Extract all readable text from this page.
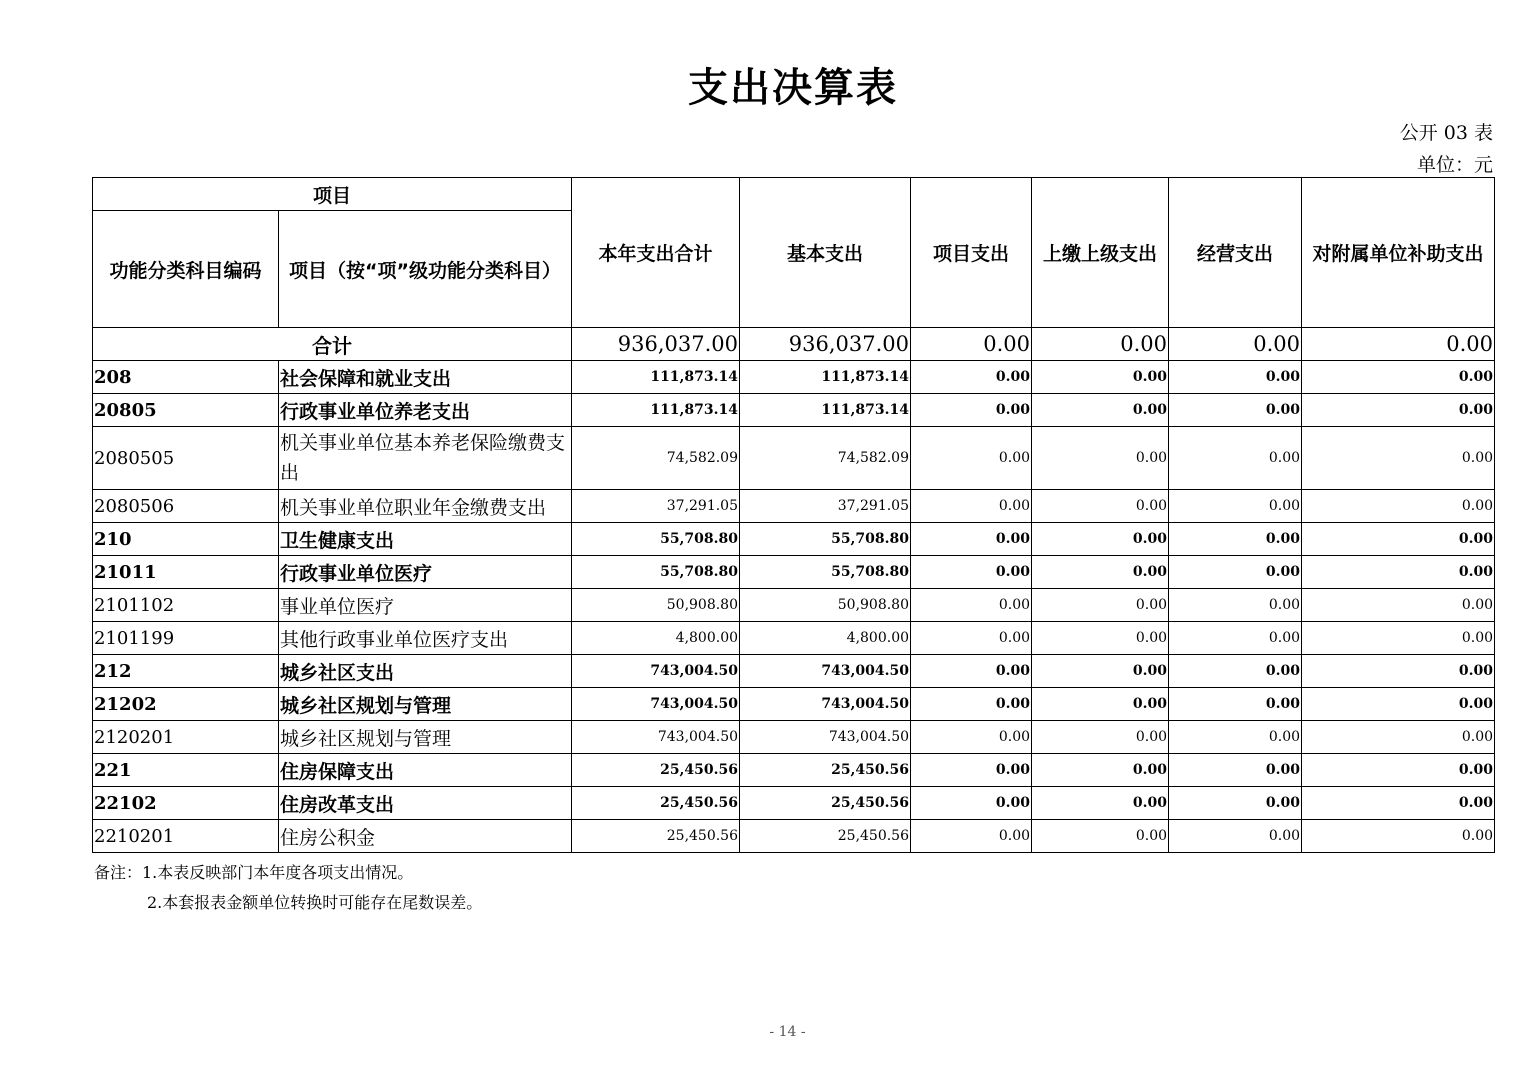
支出决算表
公开 03 表
单位：元
项目		本年支出合计	基本支出	项目支出	上缴上级支出	经营支出	对附属单位补助支出
功能分类科目编码	项目（按“项”级功能分类科目）						
合计		936,037.00	936,037.00	0.00	0.00	0.00	0.00
208	社会保障和就业支出	111,873.14	111,873.14	0.00	0.00	0.00	0.00
20805	行政事业单位养老支出	111,873.14	111,873.14	0.00	0.00	0.00	0.00
2080505	机关事业单位基本养老保险缴费支出	74,582.09	74,582.09	0.00	0.00	0.00	0.00
2080506	机关事业单位职业年金缴费支出	37,291.05	37,291.05	0.00	0.00	0.00	0.00
210	卫生健康支出	55,708.80	55,708.80	0.00	0.00	0.00	0.00
21011	行政事业单位医疗	55,708.80	55,708.80	0.00	0.00	0.00	0.00
2101102	事业单位医疗	50,908.80	50,908.80	0.00	0.00	0.00	0.00
2101199	其他行政事业单位医疗支出	4,800.00	4,800.00	0.00	0.00	0.00	0.00
212	城乡社区支出	743,004.50	743,004.50	0.00	0.00	0.00	0.00
21202	城乡社区规划与管理	743,004.50	743,004.50	0.00	0.00	0.00	0.00
2120201	城乡社区规划与管理	743,004.50	743,004.50	0.00	0.00	0.00	0.00
221	住房保障支出	25,450.56	25,450.56	0.00	0.00	0.00	0.00
22102	住房改革支出	25,450.56	25,450.56	0.00	0.00	0.00	0.00
2210201	住房公积金	25,450.56	25,450.56	0.00	0.00	0.00	0.00
备注：1.本表反映部门本年度各项支出情况。
2.本套报表金额单位转换时可能存在尾数误差。
- 14 -
